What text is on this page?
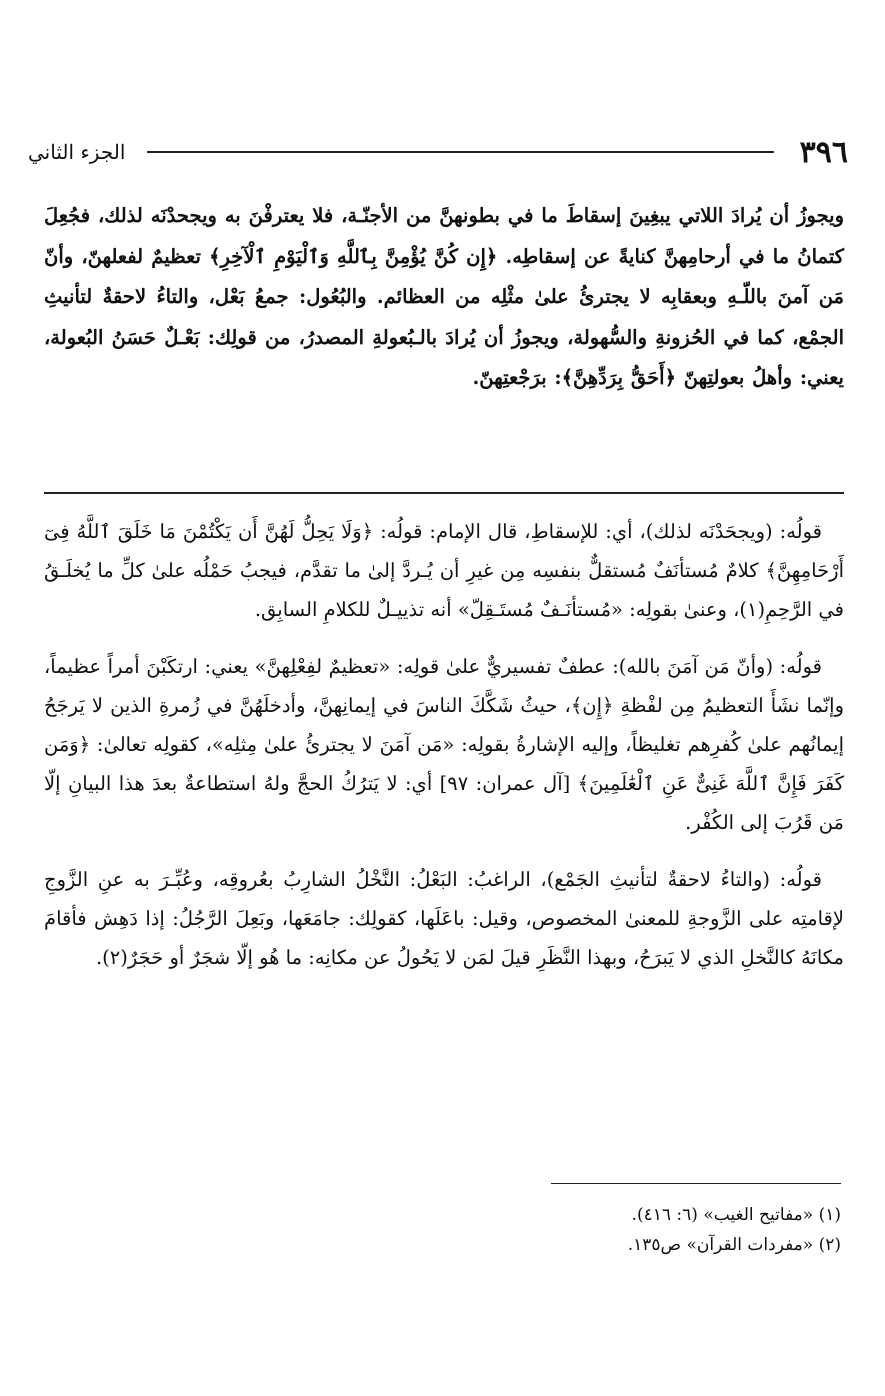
٣٩٦
الجزء الثاني
ويجوزُ أن يُرادَ اللاتي يبغِينَ إسقاطَ ما في بطونهنَّ من الأجنّـة، فلا يعترفْنَ به ويجحدْنَه لذلك، فجُعِلَ كتمانُ ما في أرحامِهنَّ كنايةً عن إسقاطِه. ﴿إِن كُنَّ يُؤْمِنَّ بِٱللَّهِ وَٱلْيَوْمِ ٱلْآخِرِ﴾ تعظيمٌ لفعلهنّ، وأنّ مَن آمنَ باللّـهِ وبعقابِه لا يجترئُ علىٰ مثْلِه من العظائم. والبُعُول: جمعُ بَعْل، والتاءُ لاحقةٌ لتأنيثِ الجمْع، كما في الحُزونةِ والسُّهولة، ويجوزُ أن يُرادَ بالـبُعولةِ المصدرُ، من قولِك: بَعْـلٌ حَسَنُ البُعولة، يعني: وأهلُ بعولتِهنّ ﴿أَحَقُّ بِرَدِّهِنَّ﴾: برَجْعتِهنّ.

قولُه: (ويجحَدْنَه لذلك)، أي: للإسقاطِ، قال الإمام: قولُه: ﴿وَلَا يَحِلُّ لَهُنَّ أَن يَكْتُمْنَ مَا خَلَقَ ٱللَّهُ فِىٓ أَرْحَامِهِنَّ﴾ كلامٌ مُستأنَفٌ مُستقلٌّ بنفسِه مِن غيرِ أن يُـردَّ إلىٰ ما تقدَّم، فيجبُ حَمْلُه علىٰ كلِّ ما يُخلَـقُ في الرَّحِمِ(١)، وعنىٰ بقولِه: «مُستأنَـفٌ مُستَـقِلّ» أنه تذييـلٌ للكلامِ السابِق.

قولُه: (وأنّ مَن آمَنَ بالله): عطفٌ تفسيريٌّ علىٰ قولِه: «تعظيمٌ لفِعْلِهنَّ» يعني: ارتكَبْنَ أمراً عظيماً، وإنّما نشَأَ التعظيمُ مِن لفْظةِ ﴿إِن﴾، حيثُ شَكَّكَ الناسَ في إيمانِهنَّ، وأدخلَهُنَّ في زُمرةِ الذين لا يَرجَحُ إيمانُهم علىٰ كُفرِهم تغليظاً، وإليه الإشارةُ بقولِه: «مَن آمَنَ لا يجترئُ علىٰ مِثلِه»، كقولِه تعالىٰ: ﴿وَمَن كَفَرَ فَإِنَّ ٱللَّهَ غَنِىٌّ عَنِ ٱلْعَٰلَمِينَ﴾ [آل عمران: ٩٧] أي: لا يَترُكُ الحجَّ ولهُ استطاعةٌ بعدَ هذا البيانِ إلّا مَن قَرُبَ إلى الكُفْر.

قولُه: (والتاءُ لاحقةٌ لتأنيثِ الجَمْع)، الراغبُ: البَعْلُ: النَّخْلُ الشارِبُ بعُروقِه، وعُبِّـرَ به عنِ الزَّوجِ لإقامتِه على الزَّوجةِ للمعنىٰ المخصوص، وقيل: باعَلَها، كقولِك: جامَعَها، وبَعِلَ الرَّجُلُ: إذا دَهِش فأقامَ مكانَهُ كالنَّخلِ الذي لا يَبرَحُ، وبهذا النَّظَرِ قيلَ لمَن لا يَحُولُ عن مكانِه: ما هُو إلّا شجَرٌ أو حَجَرٌ(٢).

(١) «مفاتيح الغيب» (٦: ٤١٦).
(٢) «مفردات القرآن» ص١٣٥.
